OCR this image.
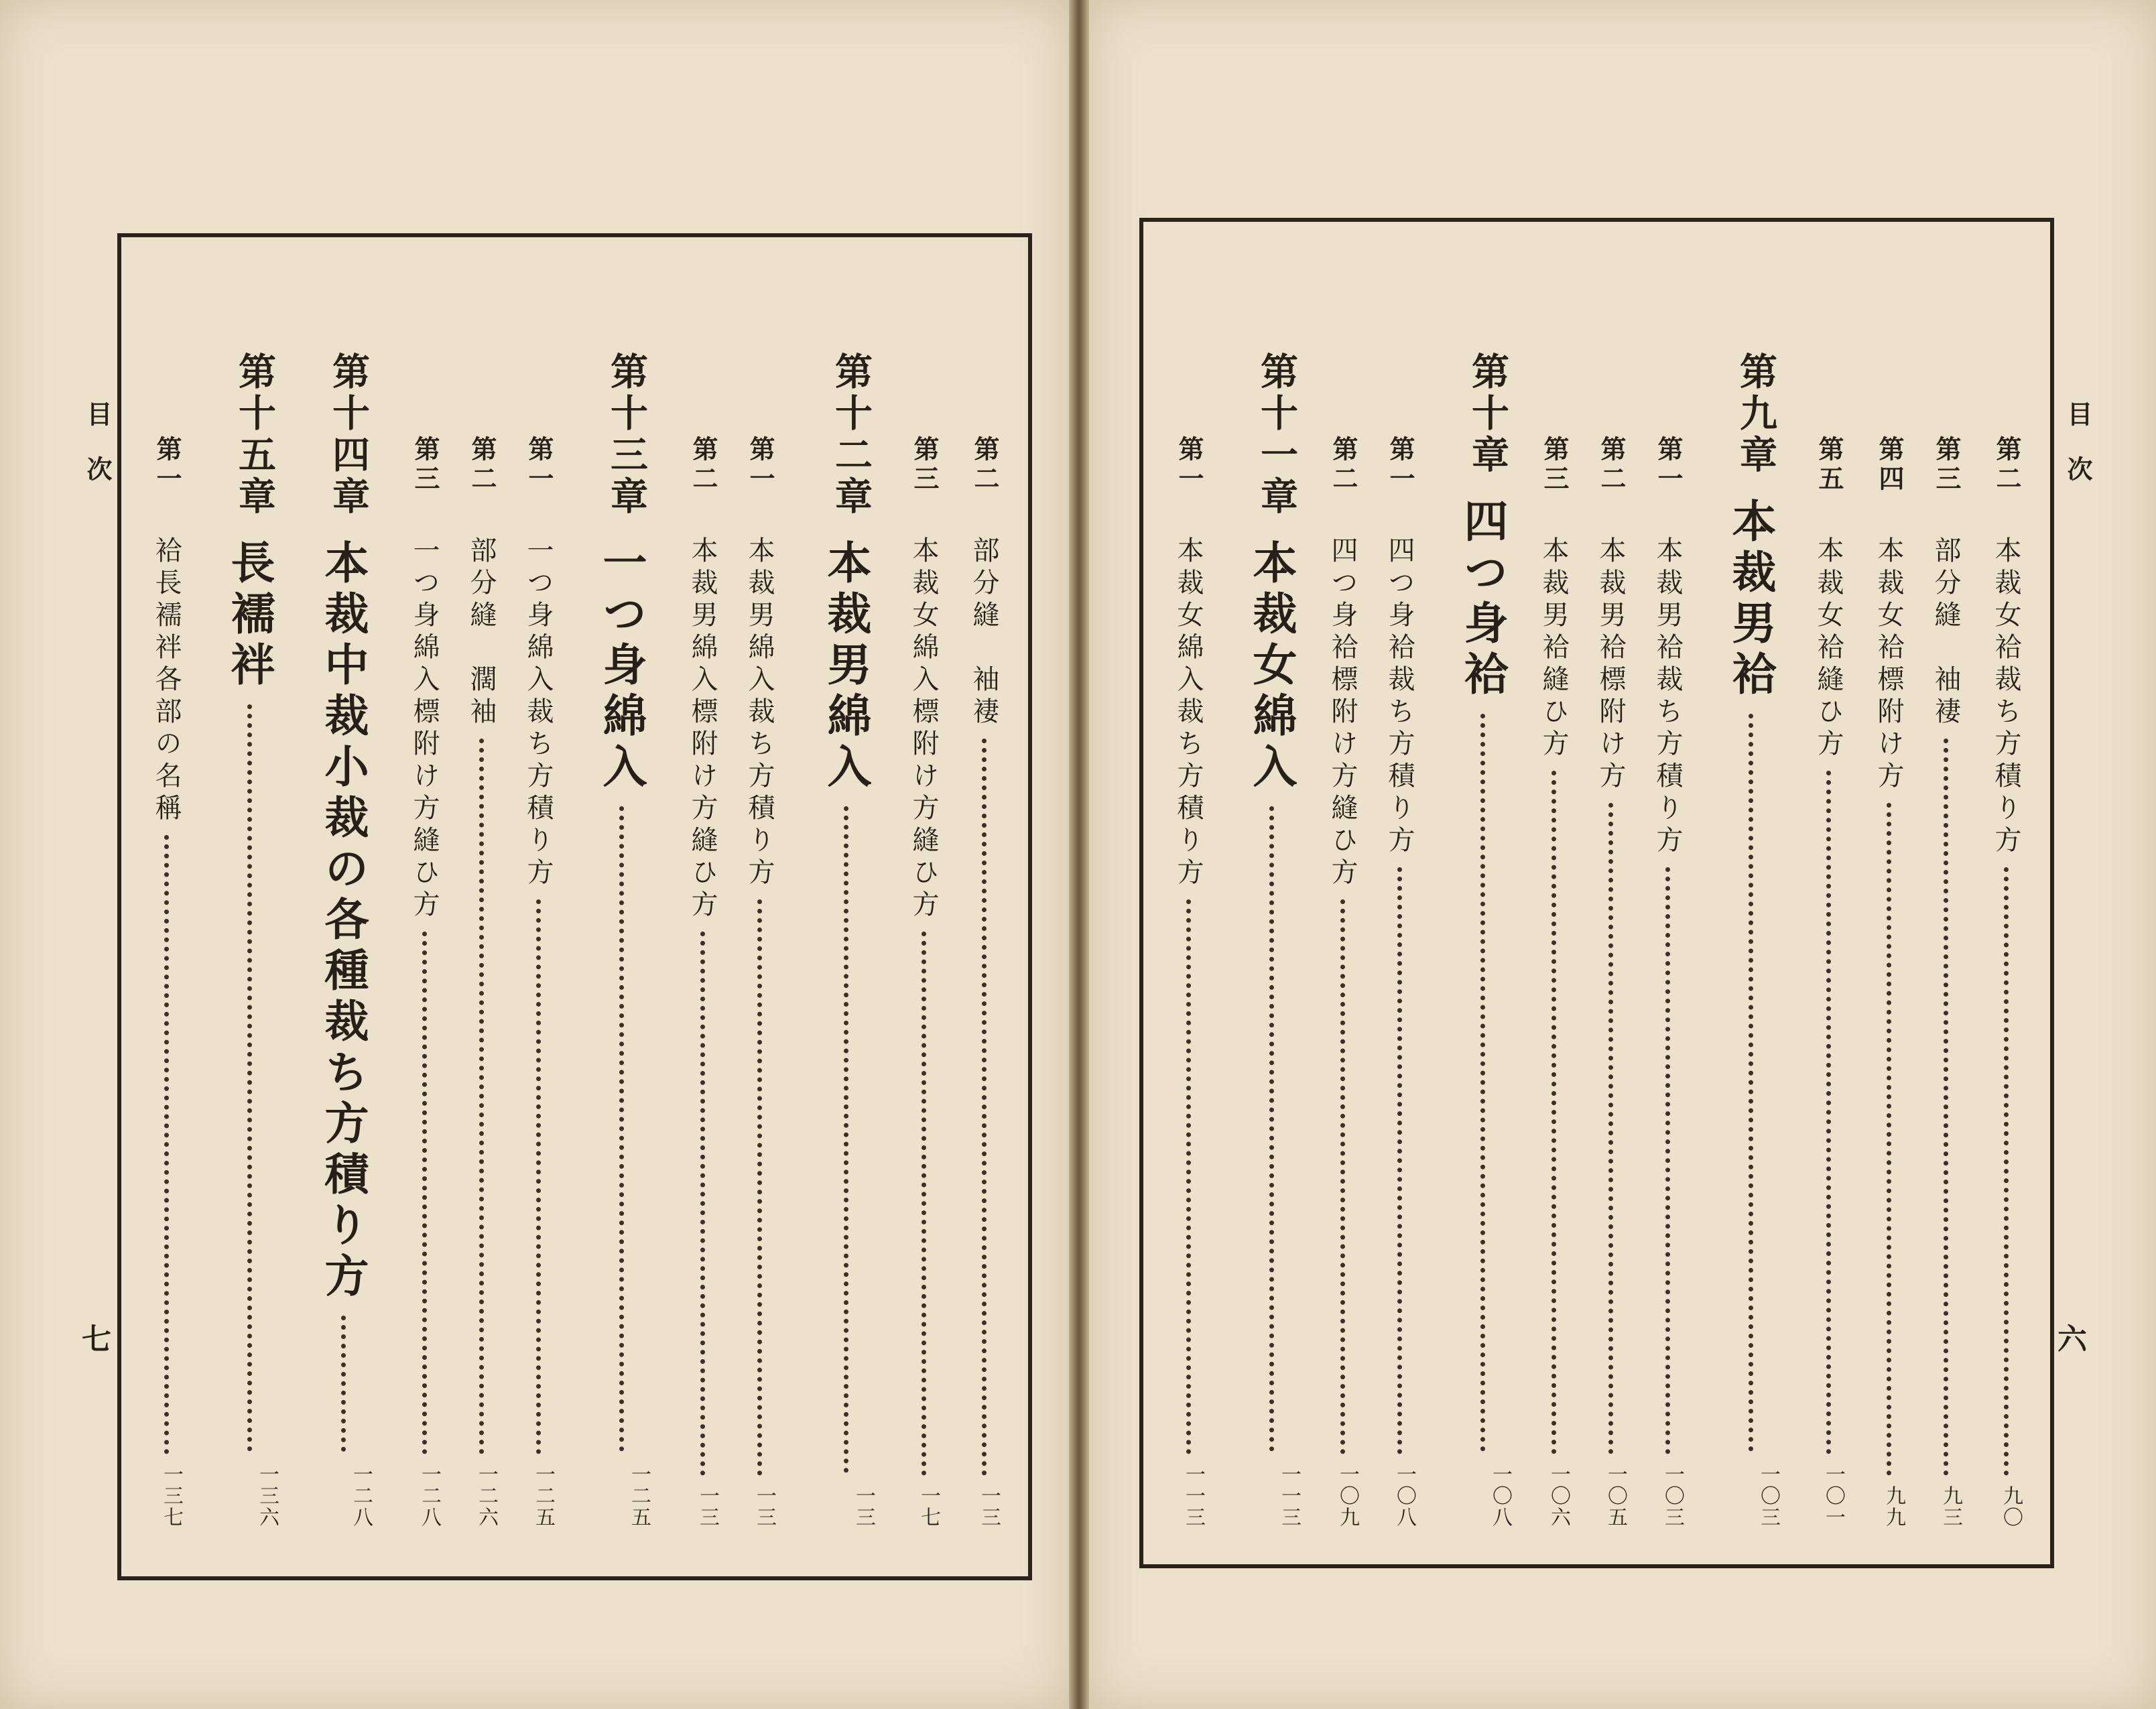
目次
七
第二
部分縫　袖褄
一三
第三
本裁女綿入標附け方縫ひ方
一七
第十二章
本裁男綿入
一三
第一
本裁男綿入裁ち方積り方
一三
第二
本裁男綿入標附け方縫ひ方
一三
第十三章
一つ身綿入
一二五
第一
一つ身綿入裁ち方積り方
一二五
第二
部分縫　濶袖
一二六
第三
一つ身綿入標附け方縫ひ方
一二八
第十四章
本裁中裁小裁の各種裁ち方積り方
一二八
第十五章
長襦袢
一三六
第一
袷長襦袢各部の名稱
一三七
目次
六
第二
本裁女袷裁ち方積り方
九〇
第三
部分縫　袖褄
九三
第四
本裁女袷標附け方
九九
第五
本裁女袷縫ひ方
一〇一
第九章
本裁男袷
一〇三
第一
本裁男袷裁ち方積り方
一〇三
第二
本裁男袷標附け方
一〇五
第三
本裁男袷縫ひ方
一〇六
第十章
四つ身袷
一〇八
第一
四つ身袷裁ち方積り方
一〇八
第二
四つ身袷標附け方縫ひ方
一〇九
第十一章
本裁女綿入
一一三
第一
本裁女綿入裁ち方積り方
一一三
